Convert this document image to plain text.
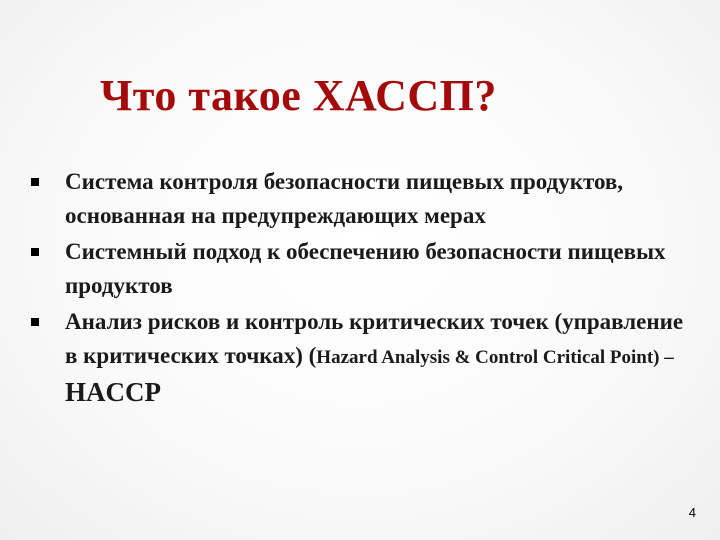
Что такое ХАССП?
Система контроля безопасности пищевых продуктов, основанная на предупреждающих мерах
Системный подход к обеспечению безопасности пищевых продуктов
Анализ рисков и контроль критических точек (управление в критических точках) (Hazard Analysis & Control Critical Point) – HACCP
4
